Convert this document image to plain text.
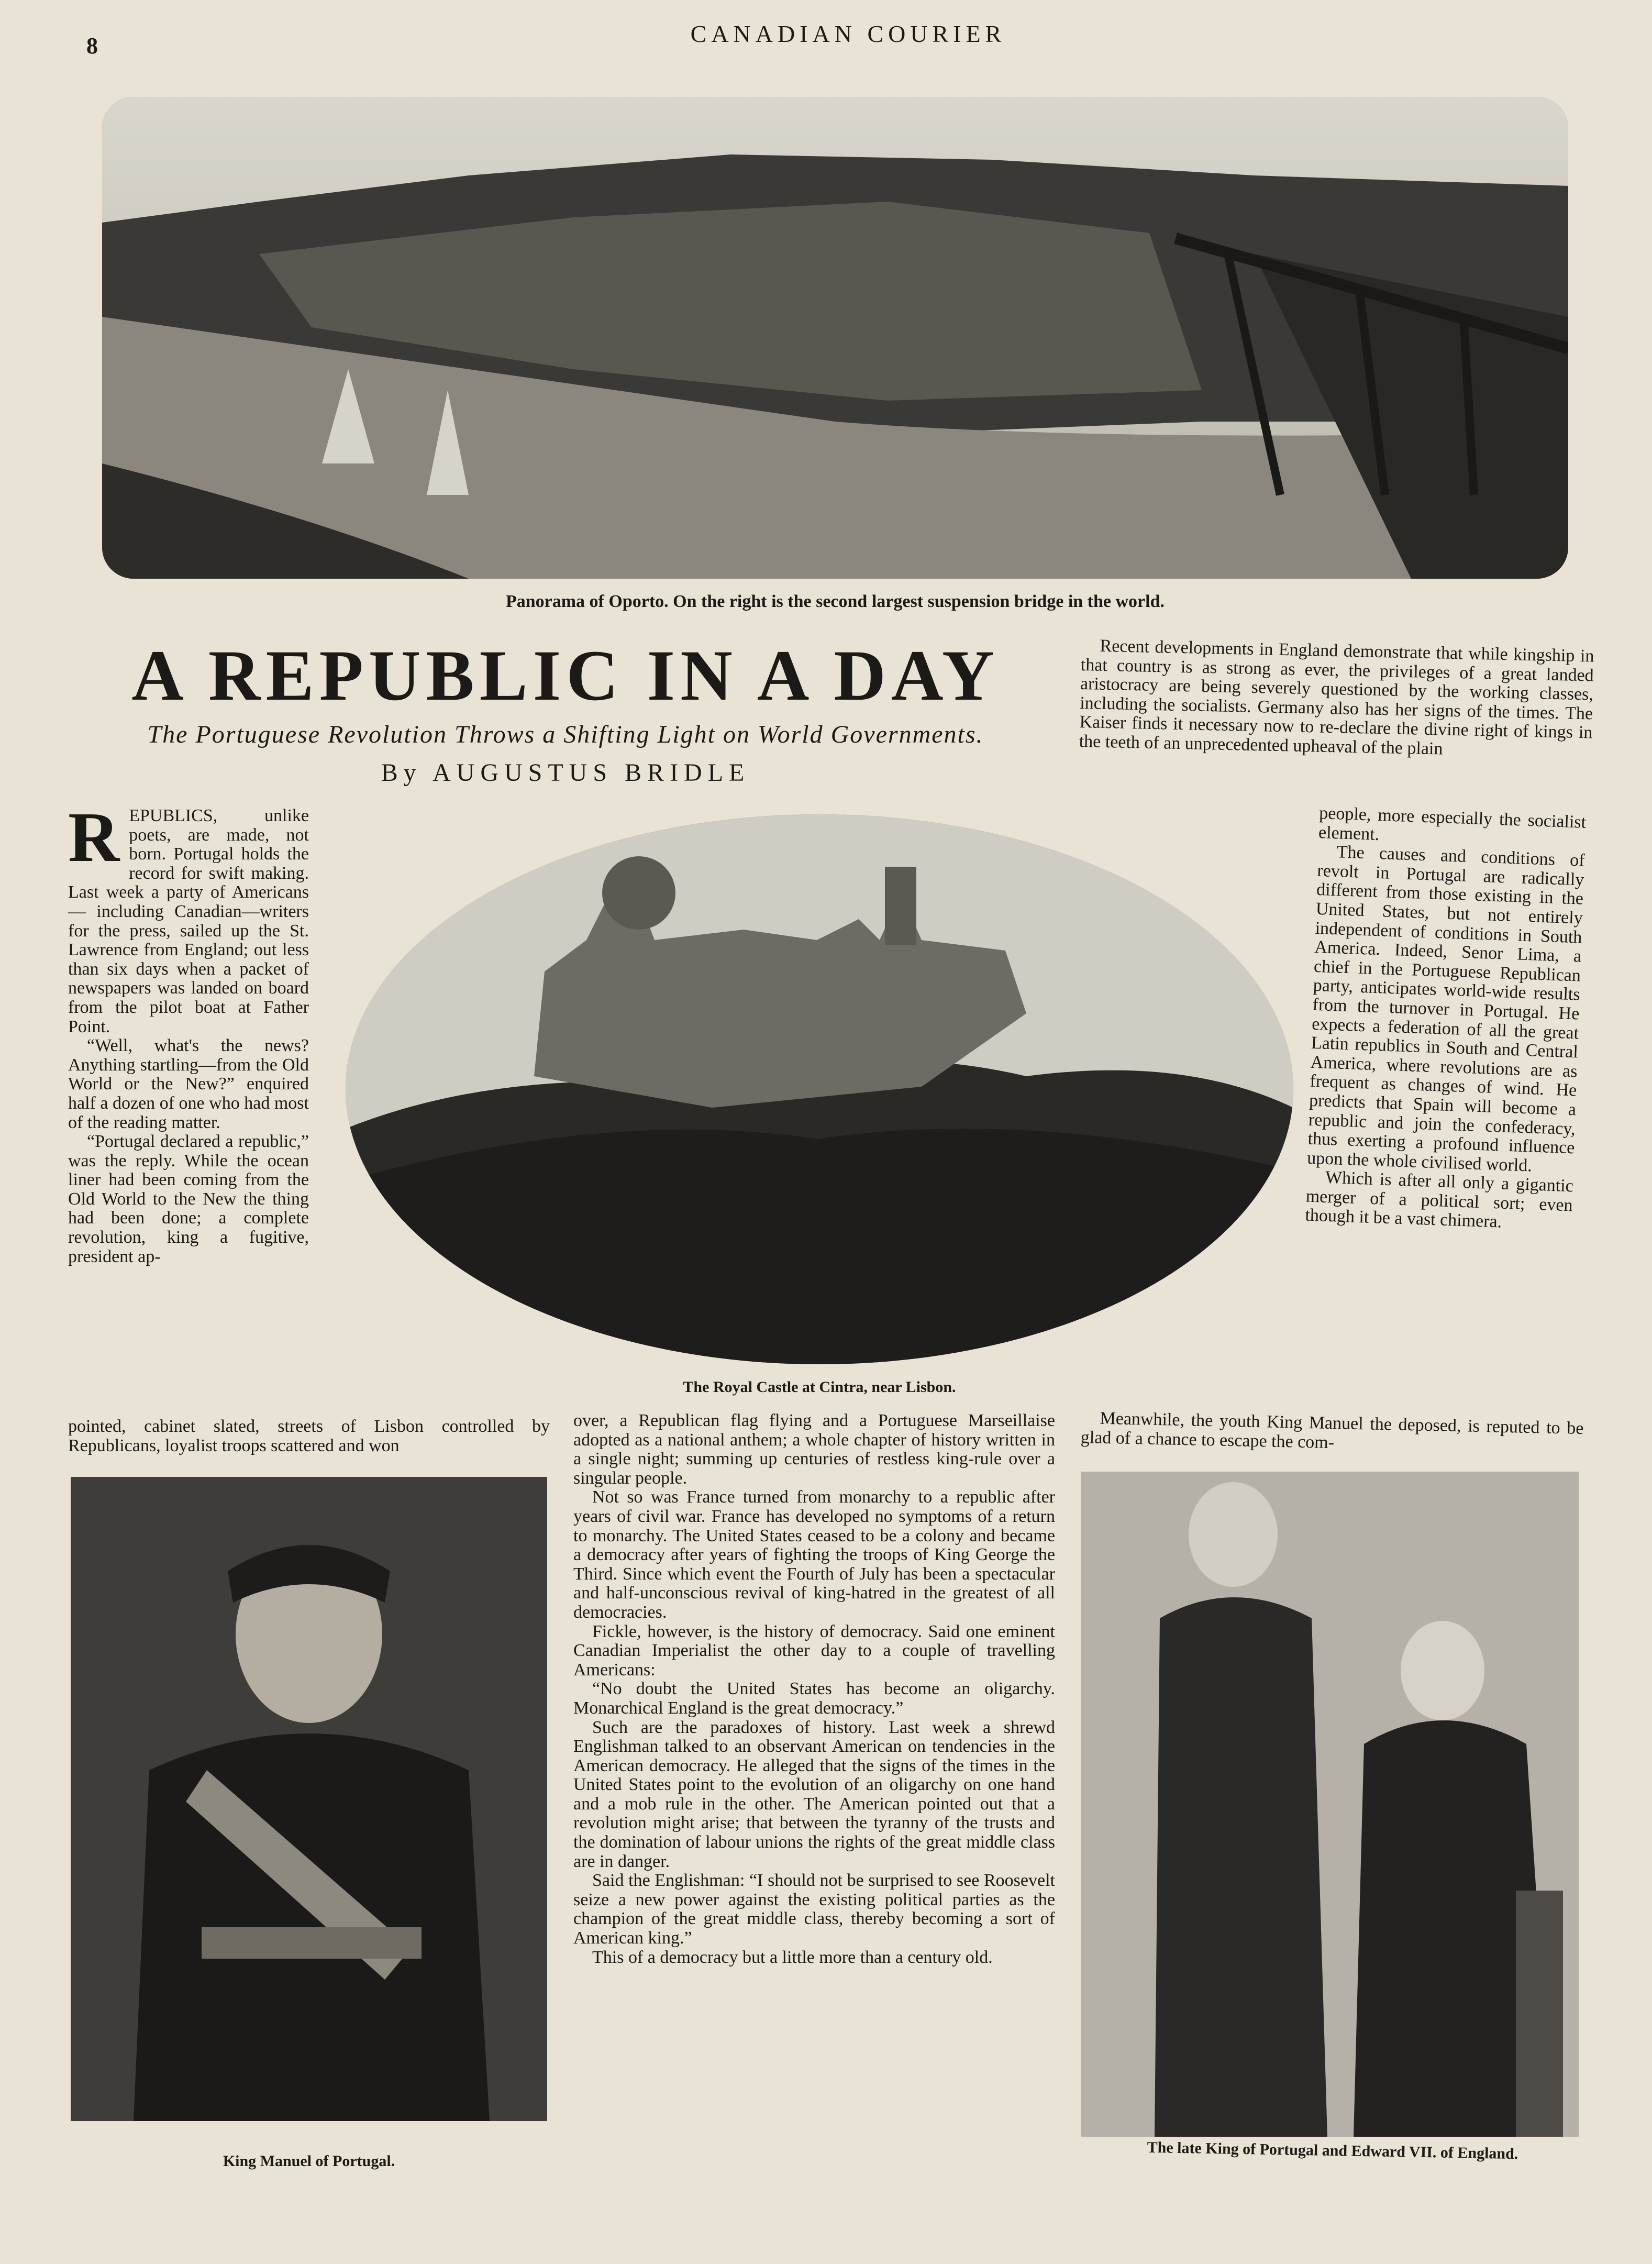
8	CANADIAN COURIER
Panorama of Oporto. On the right is the second largest suspension bridge in the world.
A REPUBLIC IN A DAY
The Portuguese Revolution Throws a Shifting Light on World Governments.
By AUGUSTUS BRIDLE
The Royal Castle at Cintra, near Lisbon.
King Manuel of Portugal.	The late King of Portugal and Edward VII. of England.

REPUBLICS, unlike poets, are made, not born. Portugal holds the record for swift making. Last week a party of Americans — including Canadian—writers for the press, sailed up the St. Lawrence from England; out less than six days when a packet of newspapers was landed on board from the pilot boat at Father Point.

“Well, what's the news? Anything startling—from the Old World or the New?” enquired half a dozen of one who had most of the reading matter.

“Portugal declared a republic,” was the reply. While the ocean liner had been coming from the Old World to the New the thing had been done; a complete revolution, king a fugitive, president ap-

pointed, cabinet slated, streets of Lisbon controlled by Republicans, loyalist troops scattered and won

over, a Republican flag flying and a Portuguese Marseillaise adopted as a national anthem; a whole chapter of history written in a single night; summing up centuries of restless king-rule over a singular people.

Not so was France turned from monarchy to a republic after years of civil war. France has developed no symptoms of a return to monarchy. The United States ceased to be a colony and became a democracy after years of fighting the troops of King George the Third. Since which event the Fourth of July has been a spectacular and half-unconscious revival of king-hatred in the greatest of all democracies.

Fickle, however, is the history of democracy. Said one eminent Canadian Imperialist the other day to a couple of travelling Americans:

“No doubt the United States has become an oligarchy. Monarchical England is the great democracy.”

Such are the paradoxes of history. Last week a shrewd Englishman talked to an observant American on tendencies in the American democracy. He alleged that the signs of the times in the United States point to the evolution of an oligarchy on one hand and a mob rule in the other. The American pointed out that a revolution might arise; that between the tyranny of the trusts and the domination of labour unions the rights of the great middle class are in danger.

Said the Englishman: “I should not be surprised to see Roosevelt seize a new power against the existing political parties as the champion of the great middle class, thereby becoming a sort of American king.”

This of a democracy but a little more than a century old.

Recent developments in England demonstrate that while kingship in that country is as strong as ever, the privileges of a great landed aristocracy are being severely questioned by the working classes, including the socialists. Germany also has her signs of the times. The Kaiser finds it necessary now to re-declare the divine right of kings in the teeth of an unprecedented upheaval of the plain

people, more especially the socialist element.

The causes and conditions of revolt in Portugal are radically different from those existing in the United States, but not entirely independent of conditions in South America. Indeed, Senor Lima, a chief in the Portuguese Republican party, anticipates world-wide results from the turnover in Portugal. He expects a federation of all the great Latin republics in South and Central America, where revolutions are as frequent as changes of wind. He predicts that Spain will become a republic and join the confederacy, thus exerting a profound influence upon the whole civilised world.

Which is after all only a gigantic merger of a political sort; even though it be a vast chimera.

Meanwhile, the youth King Manuel the deposed, is reputed to be glad of a chance to escape the com-
